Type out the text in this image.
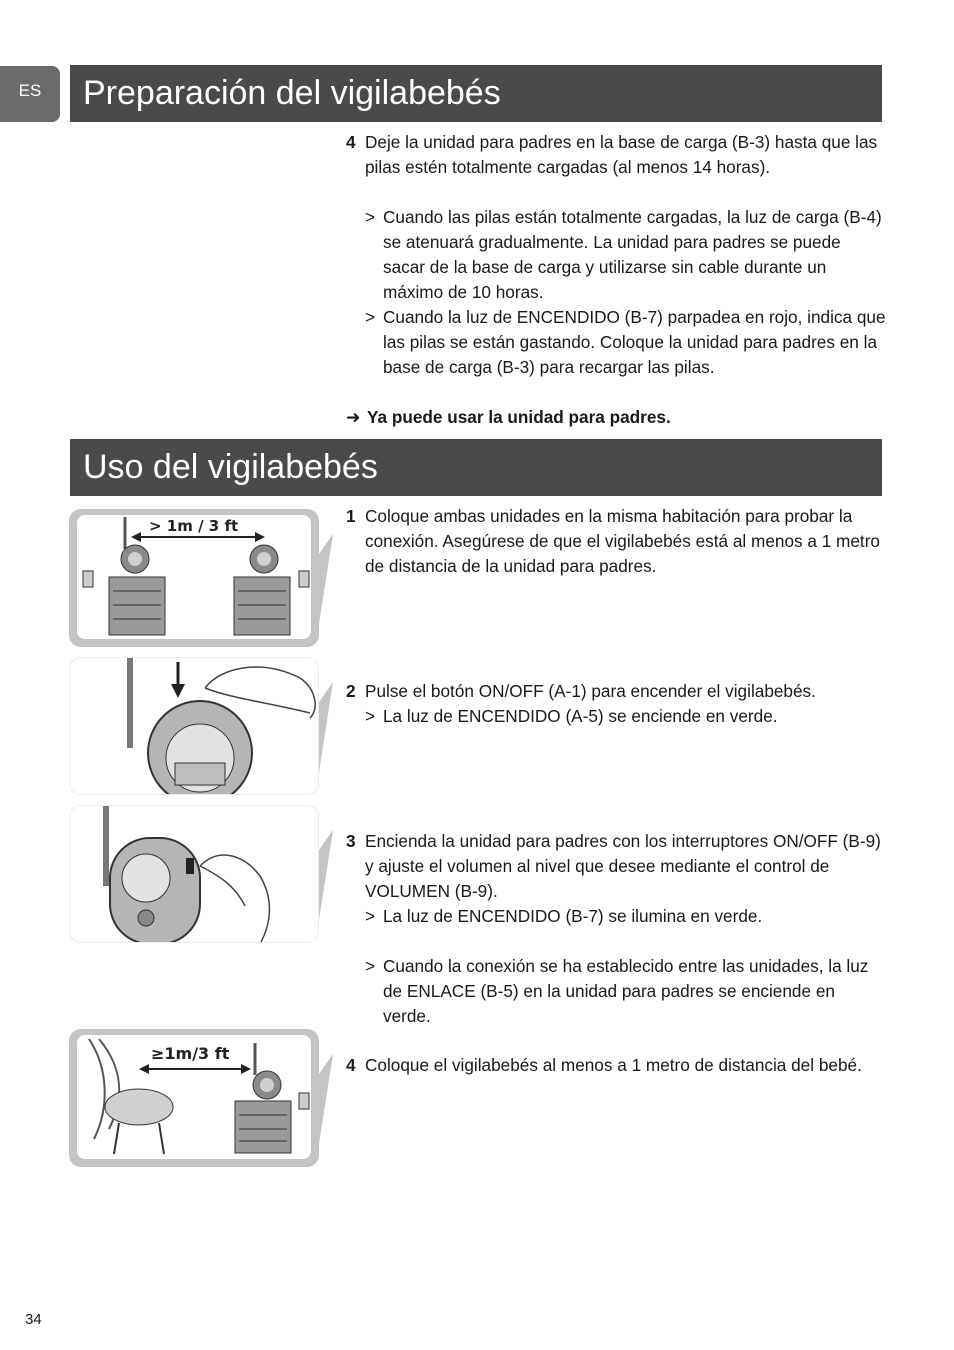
ES	Preparación del vigilabebés
4 Deje la unidad para padres en la base de carga (B-3) hasta que las pilas estén totalmente cargadas (al menos 14 horas).
> Cuando las pilas están totalmente cargadas, la luz de carga (B-4) se atenuará gradualmente. La unidad para padres se puede sacar de la base de carga y utilizarse sin cable durante un máximo de 10 horas.
> Cuando la luz de ENCENDIDO (B-7) parpadea en rojo, indica que las pilas se están gastando. Coloque la unidad para padres en la base de carga (B-3) para recargar las pilas.
➜ Ya puede usar la unidad para padres.
Uso del vigilabebés
> 1m / 3 ft
≥1m/3 ft
1 Coloque ambas unidades en la misma habitación para probar la conexión. Asegúrese de que el vigilabebés está al menos a 1 metro de distancia de la unidad para padres.
2 Pulse el botón ON/OFF (A-1) para encender el vigilabebés.
> La luz de ENCENDIDO (A-5) se enciende en verde.
3 Encienda la unidad para padres con los interruptores ON/OFF (B-9) y ajuste el volumen al nivel que desee mediante el control de VOLUMEN (B-9).
> La luz de ENCENDIDO (B-7) se ilumina en verde.
> Cuando la conexión se ha establecido entre las unidades, la luz de ENLACE (B-5) en la unidad para padres se enciende en verde.
4 Coloque el vigilabebés al menos a 1 metro de distancia del bebé.
34
